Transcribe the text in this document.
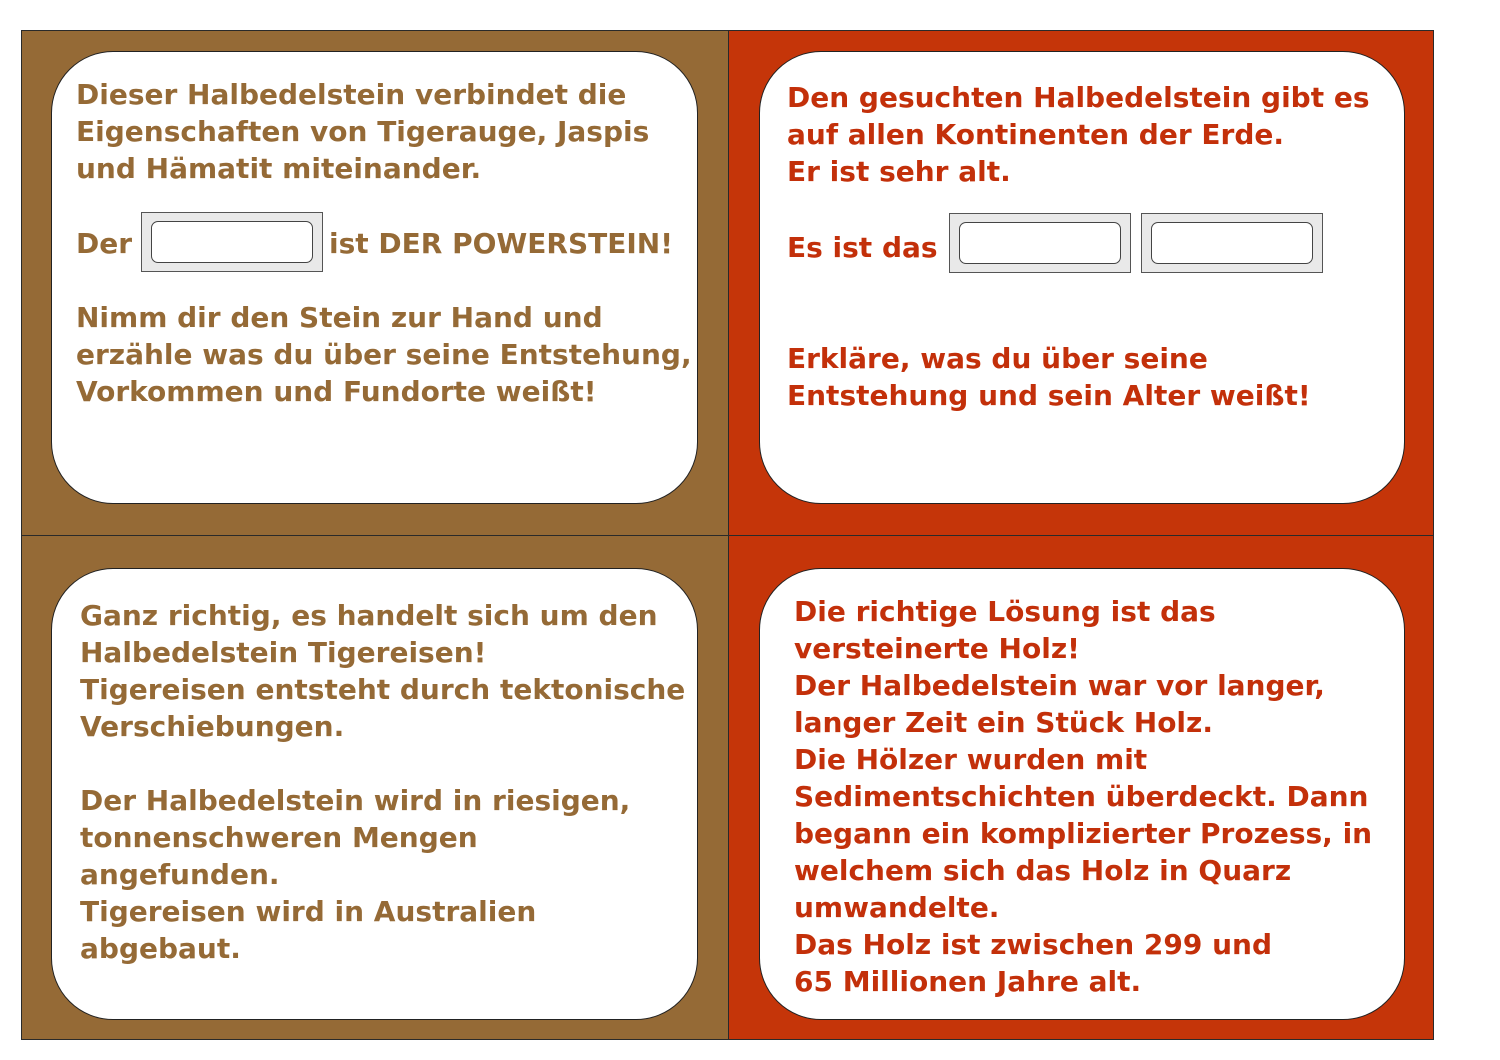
Dieser Halbedelstein verbindet die
Eigenschaften von Tigerauge, Jaspis
und Hämatit miteinander.
Der	ist DER POWERSTEIN!
Nimm dir den Stein zur Hand und
erzähle was du über seine Entstehung,
Vorkommen und Fundorte weißt!
Den gesuchten Halbedelstein gibt es
auf allen Kontinenten der Erde.
Er ist sehr alt.
Es ist das
Erkläre, was du über seine
Entstehung und sein Alter weißt!
Ganz richtig, es handelt sich um den
Halbedelstein Tigereisen!
Tigereisen entsteht durch tektonische
Verschiebungen.
Der Halbedelstein wird in riesigen,
tonnenschweren Mengen
angefunden.
Tigereisen wird in Australien
abgebaut.
Die richtige Lösung ist das
versteinerte Holz!
Der Halbedelstein war vor langer,
langer Zeit ein Stück Holz.
Die Hölzer wurden mit
Sedimentschichten überdeckt. Dann
begann ein komplizierter Prozess, in
welchem sich das Holz in Quarz
umwandelte.
Das Holz ist zwischen 299 und
65 Millionen Jahre alt.
